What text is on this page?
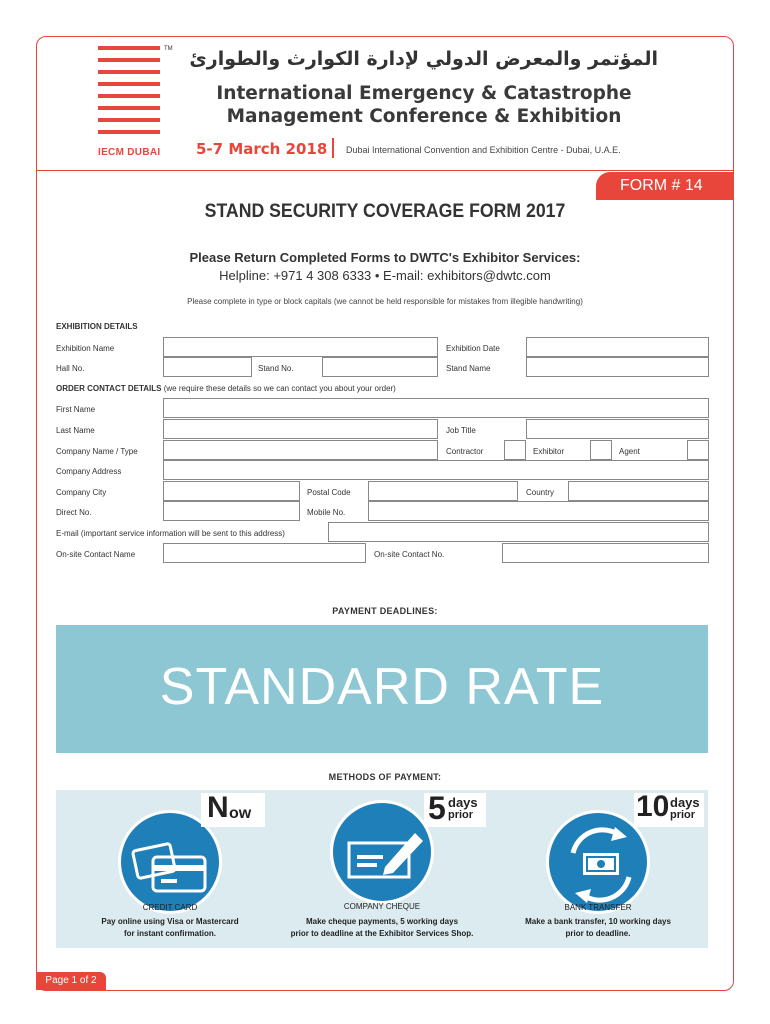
TM
IECM DUBAI
المؤتمر والمعرض الدولي لإدارة الكوارث والطوارئ
International Emergency & Catastrophe
Management Conference & Exhibition
5-7 March 2018 Dubai International Convention and Exhibition Centre - Dubai, U.A.E.
FORM # 14
STAND SECURITY COVERAGE FORM 2017
Please Return Completed Forms to DWTC's Exhibitor Services:
Helpline: +971 4 308 6333 • E-mail: exhibitors@dwtc.com
Please complete in type or block capitals (we cannot be held responsible for mistakes from illegible handwriting)
EXHIBITION DETAILS
Exhibition Name	Exhibition Date
Hall No.	Stand No.	Stand Name
ORDER CONTACT DETAILS (we require these details so we can contact you about your order)
First Name
Last Name	Job Title
Company Name / Type	Contractor	Exhibitor	Agent
Company Address
Company City	Postal Code	Country
Direct No.	Mobile No.
E-mail (important service information will be sent to this address)
On-site Contact Name	On-site Contact No.
PAYMENT DEADLINES:
STANDARD RATE
METHODS OF PAYMENT:
N ow
CREDIT CARD
Pay online using Visa or Mastercard
for instant confirmation.
5 days
prior
COMPANY CHEQUE
Make cheque payments, 5 working days
prior to deadline at the Exhibitor Services Shop.
10 days
prior
BANK TRANSFER
Make a bank transfer, 10 working days
prior to deadline.
Page 1 of 2
